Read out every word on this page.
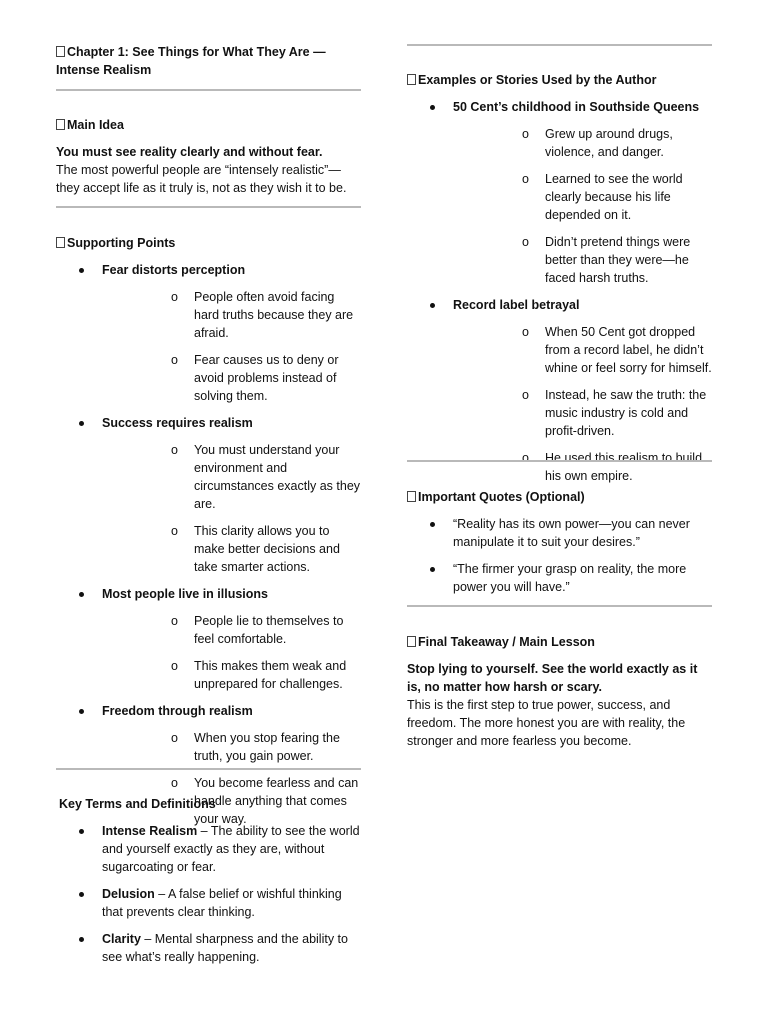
Chapter 1: See Things for What They Are —
Intense Realism
Main Idea
You must see reality clearly and without fear.
The most powerful people are “intensely realistic”—they accept life as it truly is, not as they wish it to be.
Supporting Points
Fear distorts perception
o People often avoid facing hard truths because they are afraid.
o Fear causes us to deny or avoid problems instead of solving them.
Success requires realism
o You must understand your environment and circumstances exactly as they are.
o This clarity allows you to make better decisions and take smarter actions.
Most people live in illusions
o People lie to themselves to feel comfortable.
o This makes them weak and unprepared for challenges.
Freedom through realism
o When you stop fearing the truth, you gain power.
o You become fearless and can handle anything that comes your way.
Key Terms and Definitions
Intense Realism – The ability to see the world and yourself exactly as they are, without sugarcoating or fear.
Delusion – A false belief or wishful thinking that prevents clear thinking.
Clarity – Mental sharpness and the ability to see what’s really happening.
Examples or Stories Used by the Author
50 Cent’s childhood in Southside Queens
o Grew up around drugs, violence, and danger.
o Learned to see the world clearly because his life depended on it.
o Didn’t pretend things were better than they were—he faced harsh truths.
Record label betrayal
o When 50 Cent got dropped from a record label, he didn’t whine or feel sorry for himself.
o Instead, he saw the truth: the music industry is cold and profit-driven.
o He used this realism to build his own empire.
Important Quotes (Optional)
“Reality has its own power—you can never manipulate it to suit your desires.”
“The firmer your grasp on reality, the more power you will have.”
Final Takeaway / Main Lesson
Stop lying to yourself. See the world exactly as it is, no matter how harsh or scary.
This is the first step to true power, success, and freedom. The more honest you are with reality, the stronger and more fearless you become.
